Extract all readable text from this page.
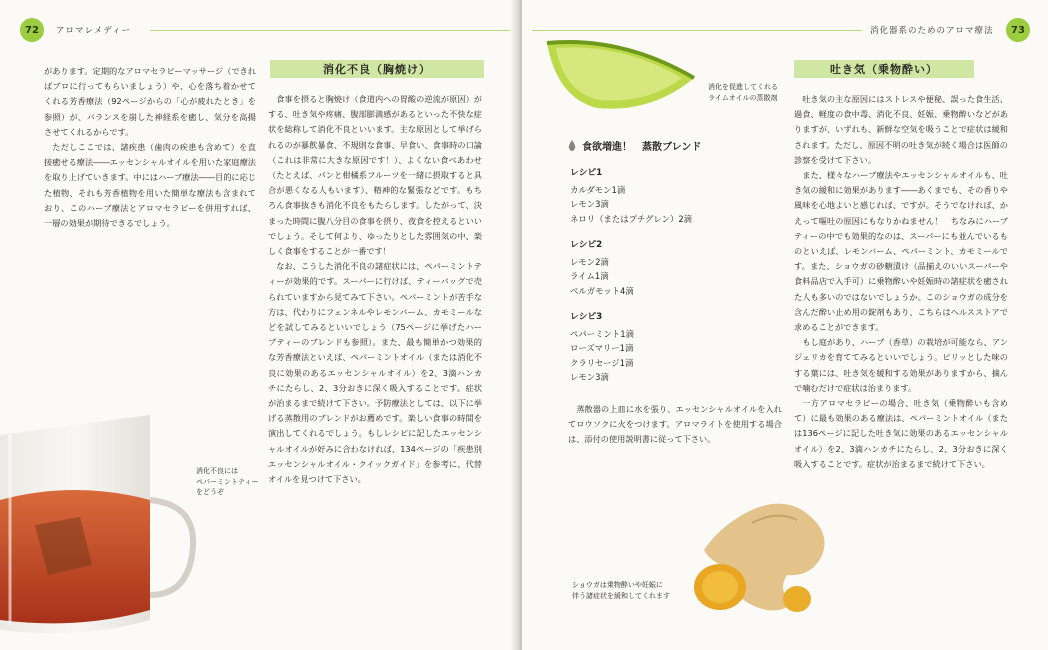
72	アロマレメディー

があります。定期的なアロマセラピーマッサージ（できればプロに行ってもらいましょう）や、心を落ち着かせてくれる芳香療法（92ページからの「心が疲れたとき」を参照）が、バランスを崩した神経系を癒し、気分を高揚させてくれるからです。

ただしここでは、諸疾患（歯肉の疾患も含めて）を直接癒せる療法――エッセンシャルオイルを用いた家庭療法を取り上げていきます。中にはハーブ療法――目的に応じた植物、それも芳香植物を用いた簡単な療法も含まれており、このハーブ療法とアロマセラピーを併用すれば、一層の効果が期待できるでしょう。

消化不良（胸焼け）

食事を摂ると胸焼け（食道内への胃酸の逆流が原因）がする、吐き気や疼痛、腹部膨満感があるといった不快な症状を総称して消化不良といいます。主な原因として挙げられるのが暴飲暴食、不規則な食事、早食い、食事時の口論（これは非常に大きな原因です！）、よくない食べあわせ（たとえば、パンと柑橘系フルーツを一緒に摂取すると具合が悪くなる人もいます）、精神的な緊張などです。もちろん食事抜きも消化不良をもたらします。したがって、決まった時間に腹八分目の食事を摂り、夜食を控えるといいでしょう。そして何より、ゆったりとした雰囲気の中、楽しく食事をすることが一番です！

なお、こうした消化不良の諸症状には、ペパーミントティーが効果的です。スーパーに行けば、ティーバッグで売られていますから見てみて下さい。ペパーミントが苦手な方は、代わりにフェンネルやレモンバーム、カモミールなどを試してみるといいでしょう（75ページに挙げたハーブティーのブレンドも参照）。また、最も簡単かつ効果的な芳香療法といえば、ペパーミントオイル（または消化不良に効果のあるエッセンシャルオイル）を2、3滴ハンカチにたらし、2、3分おきに深く吸入することです。症状が治まるまで続けて下さい。予防療法としては、以下に挙げる蒸散用のブレンドがお薦めです。楽しい食事の時間を演出してくれるでしょう。もしレシピに記したエッセンシャルオイルが好みに合わなければ、134ページの「疾患別エッセンシャルオイル・クイックガイド」を参考に、代替オイルを見つけて下さい。

消化不良には
ペパーミントティー
をどうぞ
消化器系のためのアロマ療法	73
消化を促進してくれる
ライムオイルの蒸散剤
食欲増進！　蒸散ブレンド
レシピ1
カルダモン1滴
レモン3滴
ネロリ（またはプチグレン）2滴
レシピ2
レモン2滴
ライム1滴
ベルガモット4滴
レシピ3
ペパーミント1滴
ローズマリー1滴
クラリセージ1滴
レモン3滴

蒸散器の上皿に水を張り、エッセンシャルオイルを入れてロウソクに火をつけます。アロマライトを使用する場合は、添付の使用説明書に従って下さい。

ショウガは乗物酔いや妊娠に
伴う諸症状を緩和してくれます
吐き気（乗物酔い）

吐き気の主な原因にはストレスや便秘、誤った食生活、過食、軽度の食中毒、消化不良、妊娠、乗物酔いなどがありますが、いずれも、新鮮な空気を吸うことで症状は緩和されます。ただし、原因不明の吐き気が続く場合は医師の診察を受けて下さい。

また、様々なハーブ療法やエッセンシャルオイルも、吐き気の緩和に効果があります――あくまでも、その香りや風味を心地よいと感じれば、ですが。そうでなければ、かえって嘔吐の原因にもなりかねません！　ちなみにハーブティーの中でも効果的なのは、スーパーにも並んでいるものといえば、レモンバーム、ペパーミント、カモミールです。また、ショウガの砂糖漬け（品揃えのいいスーパーや食料品店で入手可）に乗物酔いや妊娠時の諸症状を癒された人も多いのではないでしょうか。このショウガの成分を含んだ酔い止め用の錠剤もあり、こちらはヘルスストアで求めることができます。

もし庭があり、ハーブ（香草）の栽培が可能なら、アンジェリカを育ててみるといいでしょう。ピリッとした味のする葉には、吐き気を緩和する効果がありますから、摘んで噛むだけで症状は治まります。

一方アロマセラピーの場合、吐き気（乗物酔いも含めて）に最も効果のある療法は、ペパーミントオイル（または136ページに記した吐き気に効果のあるエッセンシャルオイル）を2、3滴ハンカチにたらし、2、3分おきに深く吸入することです。症状が治まるまで続けて下さい。
